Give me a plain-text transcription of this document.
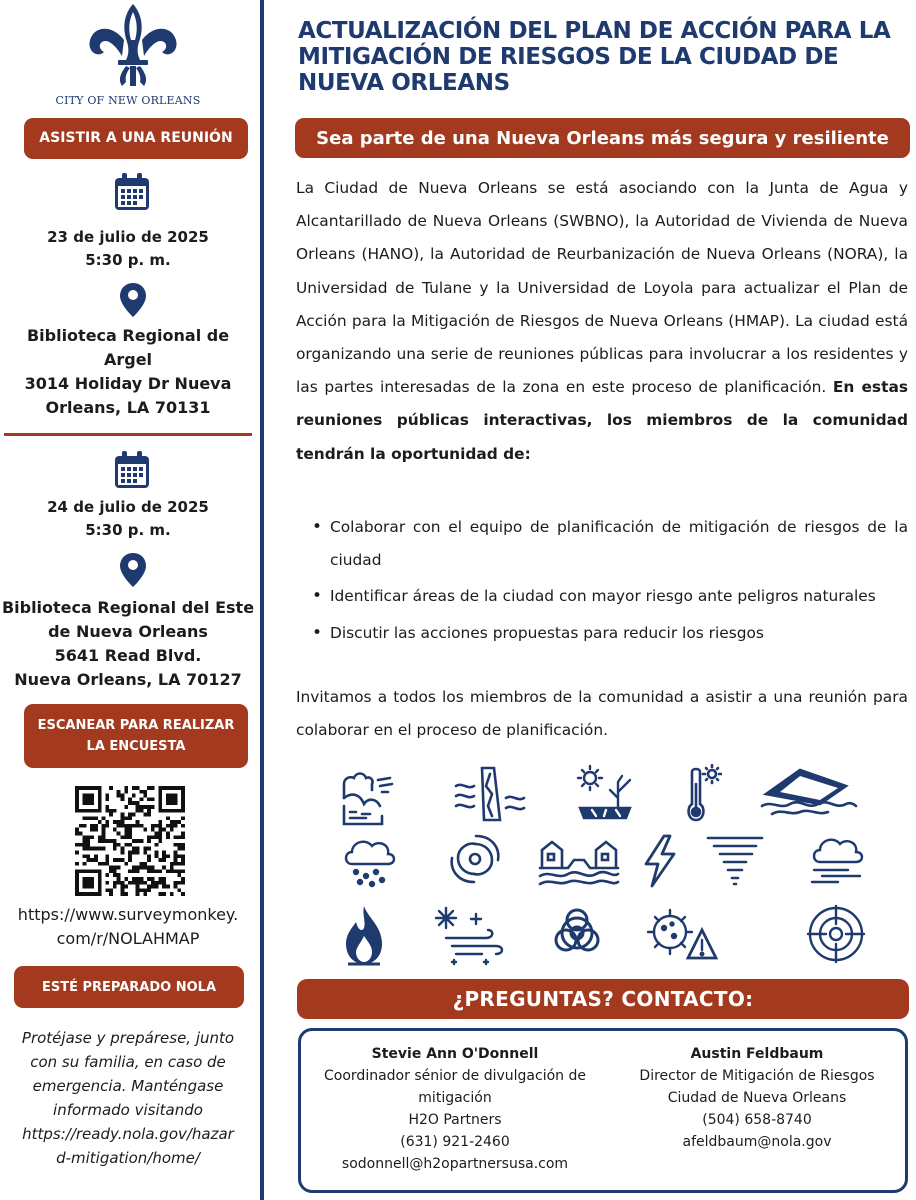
CITY OF NEW ORLEANS
ASISTIR A UNA REUNIÓN
23 de julio de 2025
5:30 p. m.
Biblioteca Regional de
Argel
3014 Holiday Dr Nueva
Orleans, LA 70131
24 de julio de 2025
5:30 p. m.
Biblioteca Regional del Este
de Nueva Orleans
5641 Read Blvd.
Nueva Orleans, LA 70127
ESCANEAR PARA REALIZAR
LA ENCUESTA
https://www.surveymonkey.
com/r/NOLAHMAP
ESTÉ PREPARADO NOLA
Protéjase y prepárese, junto
con su familia, en caso de
emergencia. Manténgase
informado visitando
https://ready.nola.gov/hazar
d-mitigation/home/
ACTUALIZACIÓN DEL PLAN DE ACCIÓN PARA LA MITIGACIÓN DE RIESGOS DE LA CIUDAD DE NUEVA ORLEANS
Sea parte de una Nueva Orleans más segura y resiliente
La Ciudad de Nueva Orleans se está asociando con la Junta de Agua y Alcantarillado de Nueva Orleans (SWBNO), la Autoridad de Vivienda de Nueva Orleans (HANO), la Autoridad de Reurbanización de Nueva Orleans (NORA), la Universidad de Tulane y la Universidad de Loyola para actualizar el Plan de Acción para la Mitigación de Riesgos de Nueva Orleans (HMAP). La ciudad está organizando una serie de reuniones públicas para involucrar a los residentes y las partes interesadas de la zona en este proceso de planificación. En estas reuniones públicas interactivas, los miembros de la comunidad tendrán la oportunidad de:
• Colaborar con el equipo de planificación de mitigación de riesgos de la ciudad
• Identificar áreas de la ciudad con mayor riesgo ante peligros naturales
• Discutir las acciones propuestas para reducir los riesgos
Invitamos a todos los miembros de la comunidad a asistir a una reunión para colaborar en el proceso de planificación.
¿PREGUNTAS? CONTACTO:
Stevie Ann O'Donnell
Coordinador sénior de divulgación de
mitigación
H2O Partners
(631) 921-2460
sodonnell@h2opartnersusa.com
Austin Feldbaum
Director de Mitigación de Riesgos
Ciudad de Nueva Orleans
(504) 658-8740
afeldbaum@nola.gov
